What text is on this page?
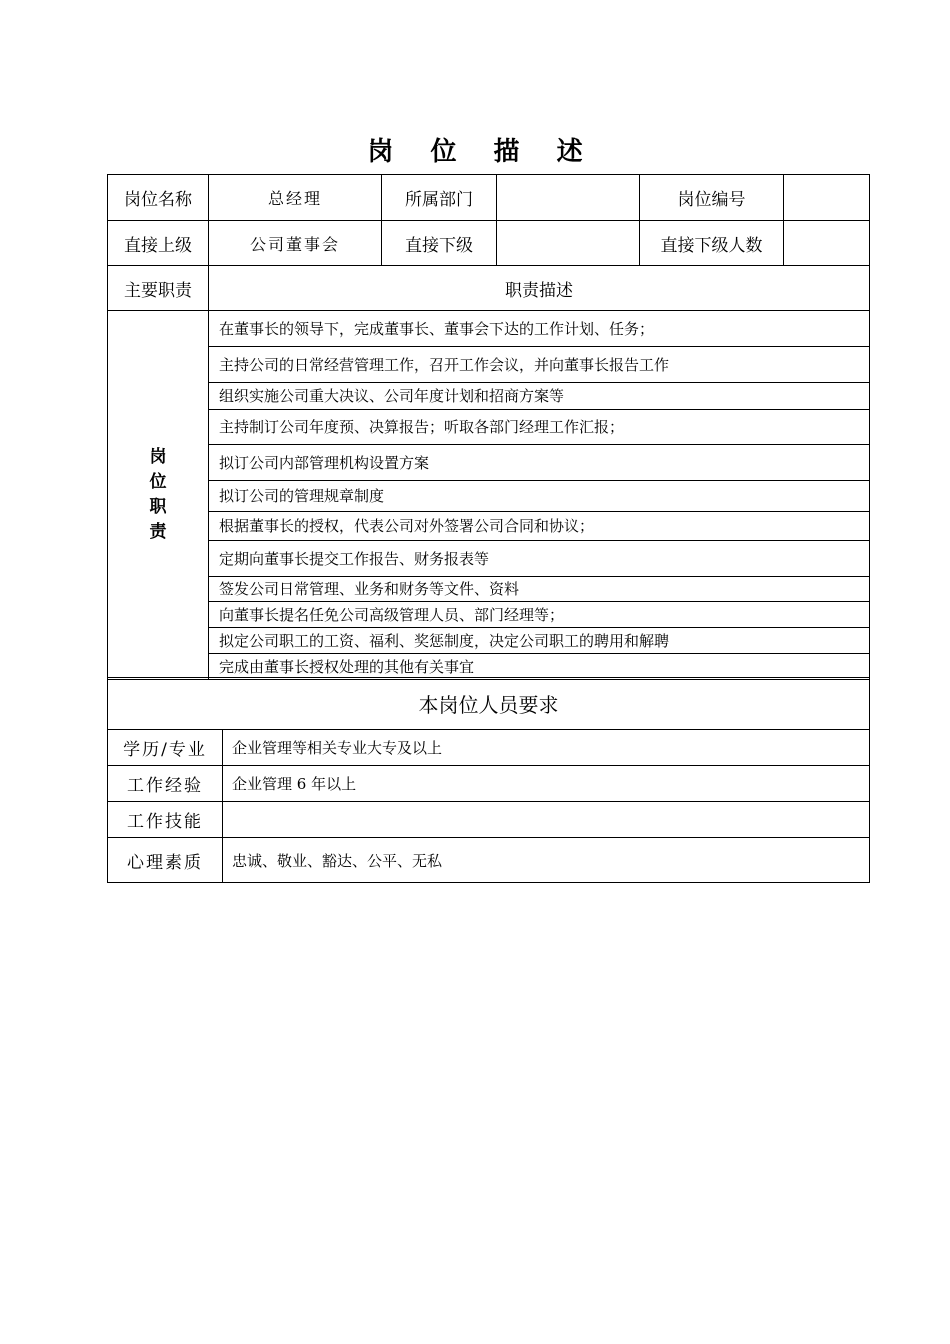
岗 位 描 述
岗位名称	总经理	所属部门		岗位编号	
直接上级	公司董事会	直接下级		直接下级人数	
主要职责	职责描述				

岗
位
职
责	在董事长的领导下，完成董事长、董事会下达的工作计划、任务；				
	主持公司的日常经营管理工作，召开工作会议，并向董事长报告工作				
	组织实施公司重大决议、公司年度计划和招商方案等				
	主持制订公司年度预、决算报告；听取各部门经理工作汇报；				
	拟订公司内部管理机构设置方案				
	拟订公司的管理规章制度				
	根据董事长的授权，代表公司对外签署公司合同和协议；				
	定期向董事长提交工作报告、财务报表等				
	签发公司日常管理、业务和财务等文件、资料				
	向董事长提名任免公司高级管理人员、部门经理等；				
	拟定公司职工的工资、福利、奖惩制度，决定公司职工的聘用和解聘				
	完成由董事长授权处理的其他有关事宜				
本岗位人员要求	
学历/专业	企业管理等相关专业大专及以上
工作经验	企业管理 6 年以上
工作技能	
心理素质	忠诚、敬业、豁达、公平、无私
